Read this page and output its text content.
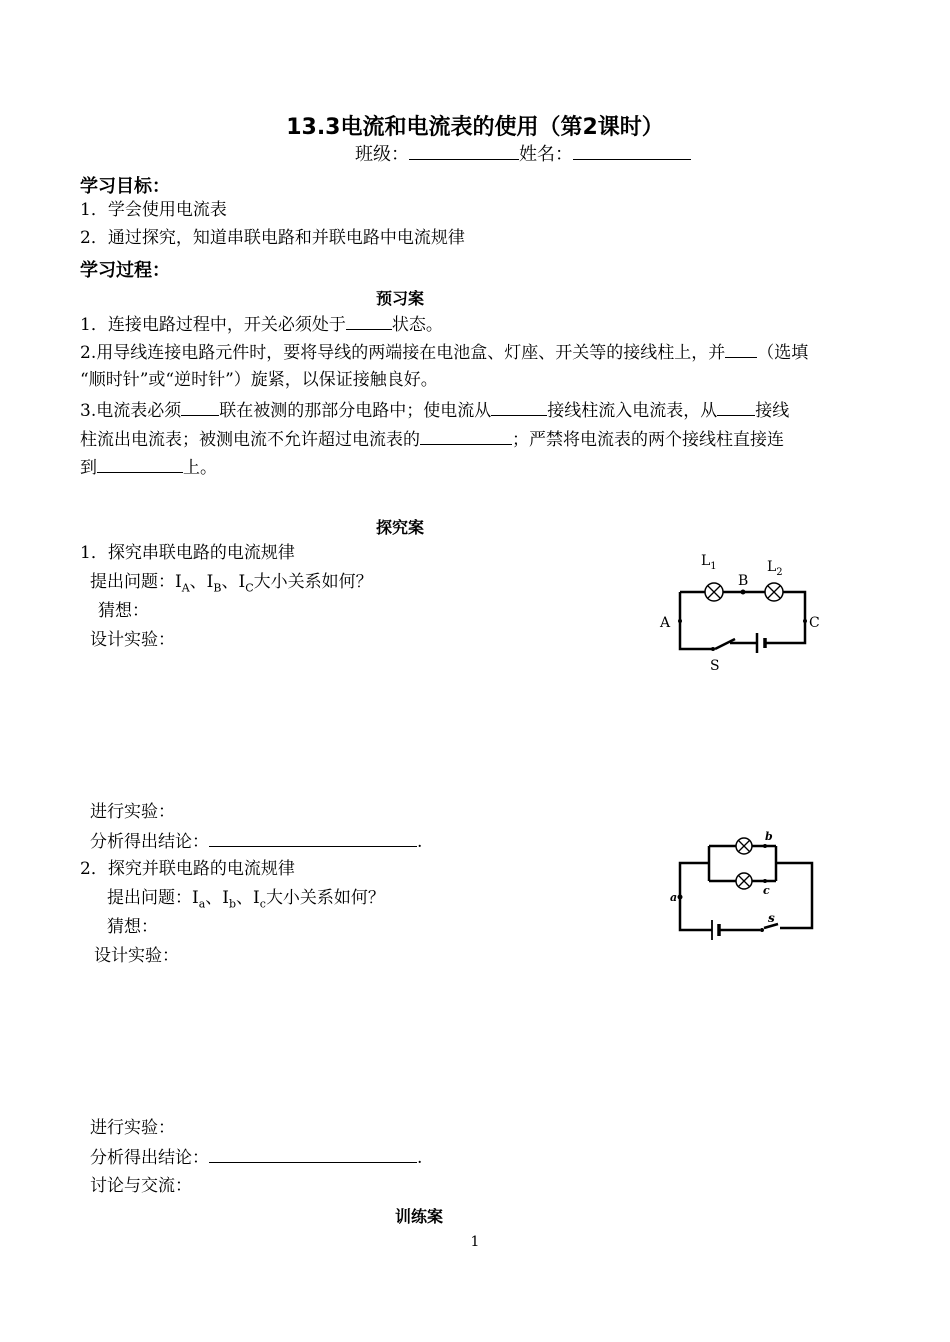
13.3电流和电流表的使用（第2课时）
班级：	姓名：
学习目标：
1．学会使用电流表
2．通过探究，知道串联电路和并联电路中电流规律
学习过程：
预习案
1．连接电路过程中，开关必须处于	状态。
2.用导线连接电路元件时，要将导线的两端接在电池盒、灯座、开关等的接线柱上，并 （选填
“顺时针”或“逆时针”）旋紧，以保证接触良好。
3.电流表必须 联在被测的那部分电路中；使电流从	接线柱流入电流表，从 接线
柱流出电流表；被测电流不允许超过电流表的	；严禁将电流表的两个接线柱直接连
到	上。
探究案
1．探究串联电路的电流规律
提出问题：$I_A$、$I_B$、$I_C$大小关系如何？
猜想：
设计实验：
$L_1$	$L_2$
B
A	C
S
进行实验：
分析得出结论：	.
2．探究并联电路的电流规律
提出问题：$I_a$、$I_b$、$I_c$大小关系如何？
猜想：
设计实验：
b
c
a
s
进行实验：
分析得出结论：	.
讨论与交流：
训练案
1
